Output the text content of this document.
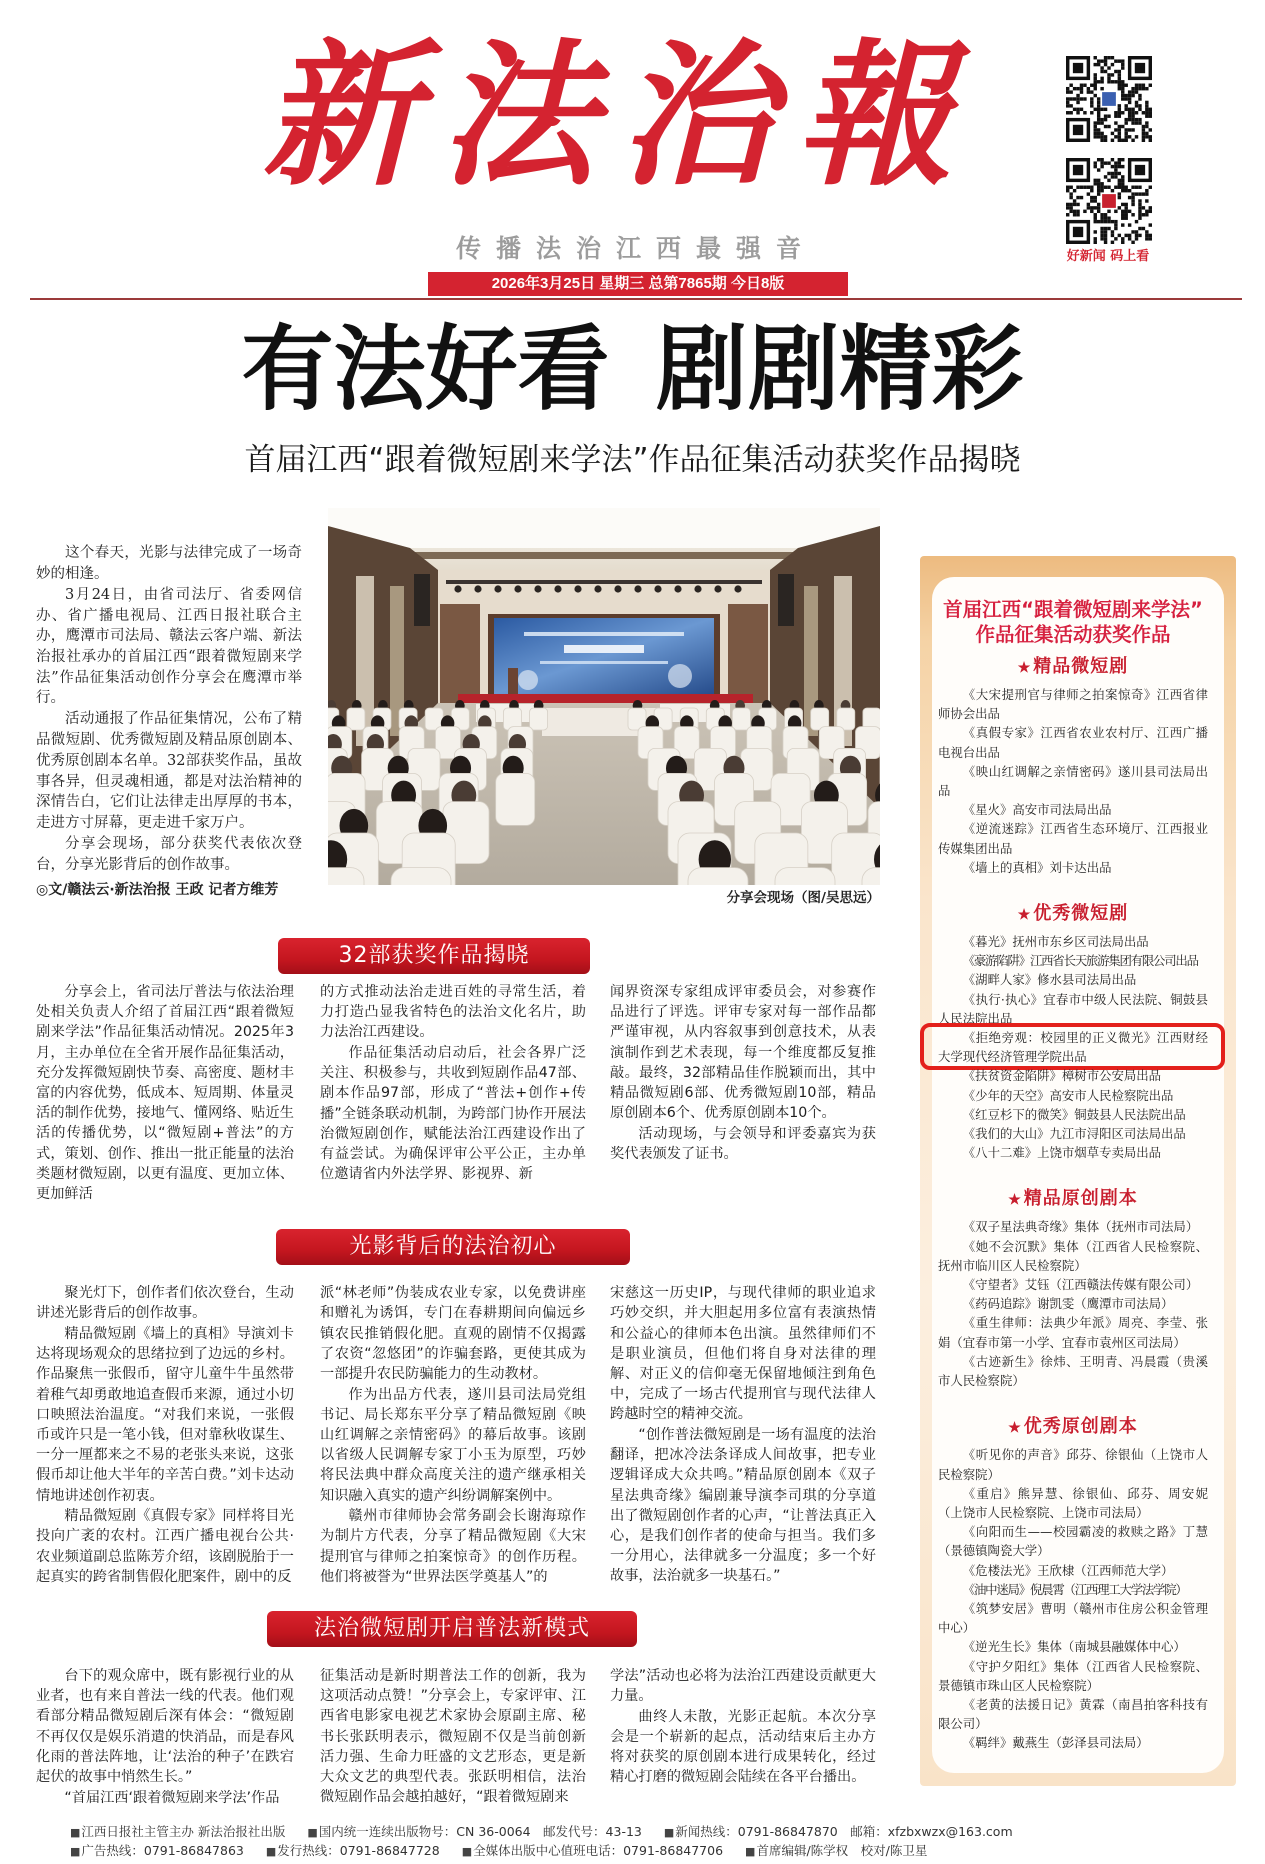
新法治報
传播法治江西最强音
2026年3月25日 星期三 总第7865期 今日8版
好新闻 码上看
有法好看 剧剧精彩
首届江西“跟着微短剧来学法”作品征集活动获奖作品揭晓

这个春天，光影与法律完成了一场奇妙的相逢。

3月24日，由省司法厅、省委网信办、省广播电视局、江西日报社联合主办，鹰潭市司法局、赣法云客户端、新法治报社承办的首届江西“跟着微短剧来学法”作品征集活动创作分享会在鹰潭市举行。

活动通报了作品征集情况，公布了精品微短剧、优秀微短剧及精品原创剧本、优秀原创剧本名单。32部获奖作品，虽故事各异，但灵魂相通，都是对法治精神的深情告白，它们让法律走出厚厚的书本，走进方寸屏幕，更走进千家万户。

分享会现场，部分获奖代表依次登台，分享光影背后的创作故事。

◎文/赣法云·新法治报 王政 记者方维芳
分享会现场（图/吴思远）
32部获奖作品揭晓

分享会上，省司法厅普法与依法治理处相关负责人介绍了首届江西“跟着微短剧来学法”作品征集活动情况。2025年3月，主办单位在全省开展作品征集活动，充分发挥微短剧快节奏、高密度、题材丰富的内容优势，低成本、短周期、体量灵活的制作优势，接地气、懂网络、贴近生活的传播优势，以“微短剧+普法”的方式，策划、创作、推出一批正能量的法治类题材微短剧，以更有温度、更加立体、更加鲜活

的方式推动法治走进百姓的寻常生活，着力打造凸显我省特色的法治文化名片，助力法治江西建设。

作品征集活动启动后，社会各界广泛关注、积极参与，共收到短剧作品47部、剧本作品97部，形成了“普法+创作+传播”全链条联动机制，为跨部门协作开展法治微短剧创作，赋能法治江西建设作出了有益尝试。为确保评审公平公正，主办单位邀请省内外法学界、影视界、新

闻界资深专家组成评审委员会，对参赛作品进行了评选。评审专家对每一部作品都严谨审视，从内容叙事到创意技术，从表演制作到艺术表现，每一个维度都反复推敲。最终，32部精品佳作脱颖而出，其中精品微短剧6部、优秀微短剧10部，精品原创剧本6个、优秀原创剧本10个。

活动现场，与会领导和评委嘉宾为获奖代表颁发了证书。

光影背后的法治初心

聚光灯下，创作者们依次登台，生动讲述光影背后的创作故事。

精品微短剧《墙上的真相》导演刘卡达将现场观众的思绪拉到了边远的乡村。作品聚焦一张假币，留守儿童牛牛虽然带着稚气却勇敢地追查假币来源，通过小切口映照法治温度。“对我们来说，一张假币或许只是一笔小钱，但对靠秋收谋生、一分一厘都来之不易的老张头来说，这张假币却让他大半年的辛苦白费。”刘卡达动情地讲述创作初衷。

精品微短剧《真假专家》同样将目光投向广袤的农村。江西广播电视台公共·农业频道副总监陈芳介绍，该剧脱胎于一起真实的跨省制售假化肥案件，剧中的反

派“林老师”伪装成农业专家，以免费讲座和赠礼为诱饵，专门在春耕期间向偏远乡镇农民推销假化肥。直观的剧情不仅揭露了农资“忽悠团”的诈骗套路，更使其成为一部提升农民防骗能力的生动教材。

作为出品方代表，遂川县司法局党组书记、局长郑东平分享了精品微短剧《映山红调解之亲情密码》的幕后故事。该剧以省级人民调解专家丁小玉为原型，巧妙将民法典中群众高度关注的遗产继承相关知识融入真实的遗产纠纷调解案例中。

赣州市律师协会常务副会长谢海琼作为制片方代表，分享了精品微短剧《大宋提刑官与律师之拍案惊奇》的创作历程。他们将被誉为“世界法医学奠基人”的

宋慈这一历史IP，与现代律师的职业追求巧妙交织，并大胆起用多位富有表演热情和公益心的律师本色出演。虽然律师们不是职业演员，但他们将自身对法律的理解、对正义的信仰毫无保留地倾注到角色中，完成了一场古代提刑官与现代法律人跨越时空的精神交流。

“创作普法微短剧是一场有温度的法治翻译，把冰冷法条译成人间故事，把专业逻辑译成大众共鸣。”精品原创剧本《双子星法典奇缘》编剧兼导演李司琪的分享道出了微短剧创作者的心声，“让普法真正入心，是我们创作者的使命与担当。我们多一分用心，法律就多一分温度；多一个好故事，法治就多一块基石。”

法治微短剧开启普法新模式

台下的观众席中，既有影视行业的从业者，也有来自普法一线的代表。他们观看部分精品微短剧后深有体会：“微短剧不再仅仅是娱乐消遣的快消品，而是春风化雨的普法阵地，让‘法治的种子’在跌宕起伏的故事中悄然生长。”

“首届江西‘跟着微短剧来学法’作品

征集活动是新时期普法工作的创新，我为这项活动点赞！”分享会上，专家评审、江西省电影家电视艺术家协会原副主席、秘书长张跃明表示，微短剧不仅是当前创新活力强、生命力旺盛的文艺形态，更是新大众文艺的典型代表。张跃明相信，法治微短剧作品会越拍越好，“跟着微短剧来

学法”活动也必将为法治江西建设贡献更大力量。

曲终人未散，光影正起航。本次分享会是一个崭新的起点，活动结束后主办方将对获奖的原创剧本进行成果转化，经过精心打磨的微短剧会陆续在各平台播出。

■江西日报社主管主办 新法治报社出版 ■国内统一连续出版物号：CN 36-0064　邮发代号：43-13 ■新闻热线：0791-86847870　邮箱：xfzbxwzx@163.com
■广告热线：0791-86847863 ■发行热线：0791-86847728 ■全媒体出版中心值班电话：0791-86847706 ■首席编辑/陈学权　校对/陈卫星
首届江西“跟着微短剧来学法”
作品征集活动获奖作品
★ 精品微短剧
《大宋提刑官与律师之拍案惊奇》江西省律师协会出品
《真假专家》江西省农业农村厅、江西广播电视台出品
《映山红调解之亲情密码》遂川县司法局出品
《星火》高安市司法局出品
《逆流迷踪》江西省生态环境厅、江西报业传媒集团出品
《墙上的真相》刘卡达出品
★ 优秀微短剧
《暮光》抚州市东乡区司法局出品
《豪游陷阱》江西省长天旅游集团有限公司出品
《湖畔人家》修水县司法局出品
《执行·执心》宜春市中级人民法院、铜鼓县人民法院出品
《拒绝旁观：校园里的正义微光》江西财经大学现代经济管理学院出品
《扶贫资金陷阱》樟树市公安局出品
《少年的天空》高安市人民检察院出品
《红豆杉下的微笑》铜鼓县人民法院出品
《我们的大山》九江市浔阳区司法局出品
《八十二难》上饶市烟草专卖局出品
★ 精品原创剧本
《双子星法典奇缘》集体（抚州市司法局）
《她不会沉默》集体（江西省人民检察院、抚州市临川区人民检察院）
《守望者》艾钰（江西赣法传媒有限公司）
《药码追踪》谢凯雯（鹰潭市司法局）
《重生律师：法典少年派》周亮、李莹、张娟（宜春市第一小学、宜春市袁州区司法局）
《古迹新生》徐炜、王明青、冯晨霞（贵溪市人民检察院）
★ 优秀原创剧本
《听见你的声音》邱芬、徐银仙（上饶市人民检察院）
《重启》熊异慧、徐银仙、邱芬、周安妮（上饶市人民检察院、上饶市司法局）
《向阳而生——校园霸凌的救赎之路》丁慧（景德镇陶瓷大学）
《危楼法光》王欣棣（江西师范大学）
《油中迷局》倪晨霄（江西理工大学法学院）
《筑梦安居》曹明（赣州市住房公积金管理中心）
《逆光生长》集体（南城县融媒体中心）
《守护夕阳红》集体（江西省人民检察院、景德镇市珠山区人民检察院）
《老黄的法援日记》黄霖（南昌拍客科技有限公司）
《羁绊》戴燕生（彭泽县司法局）
